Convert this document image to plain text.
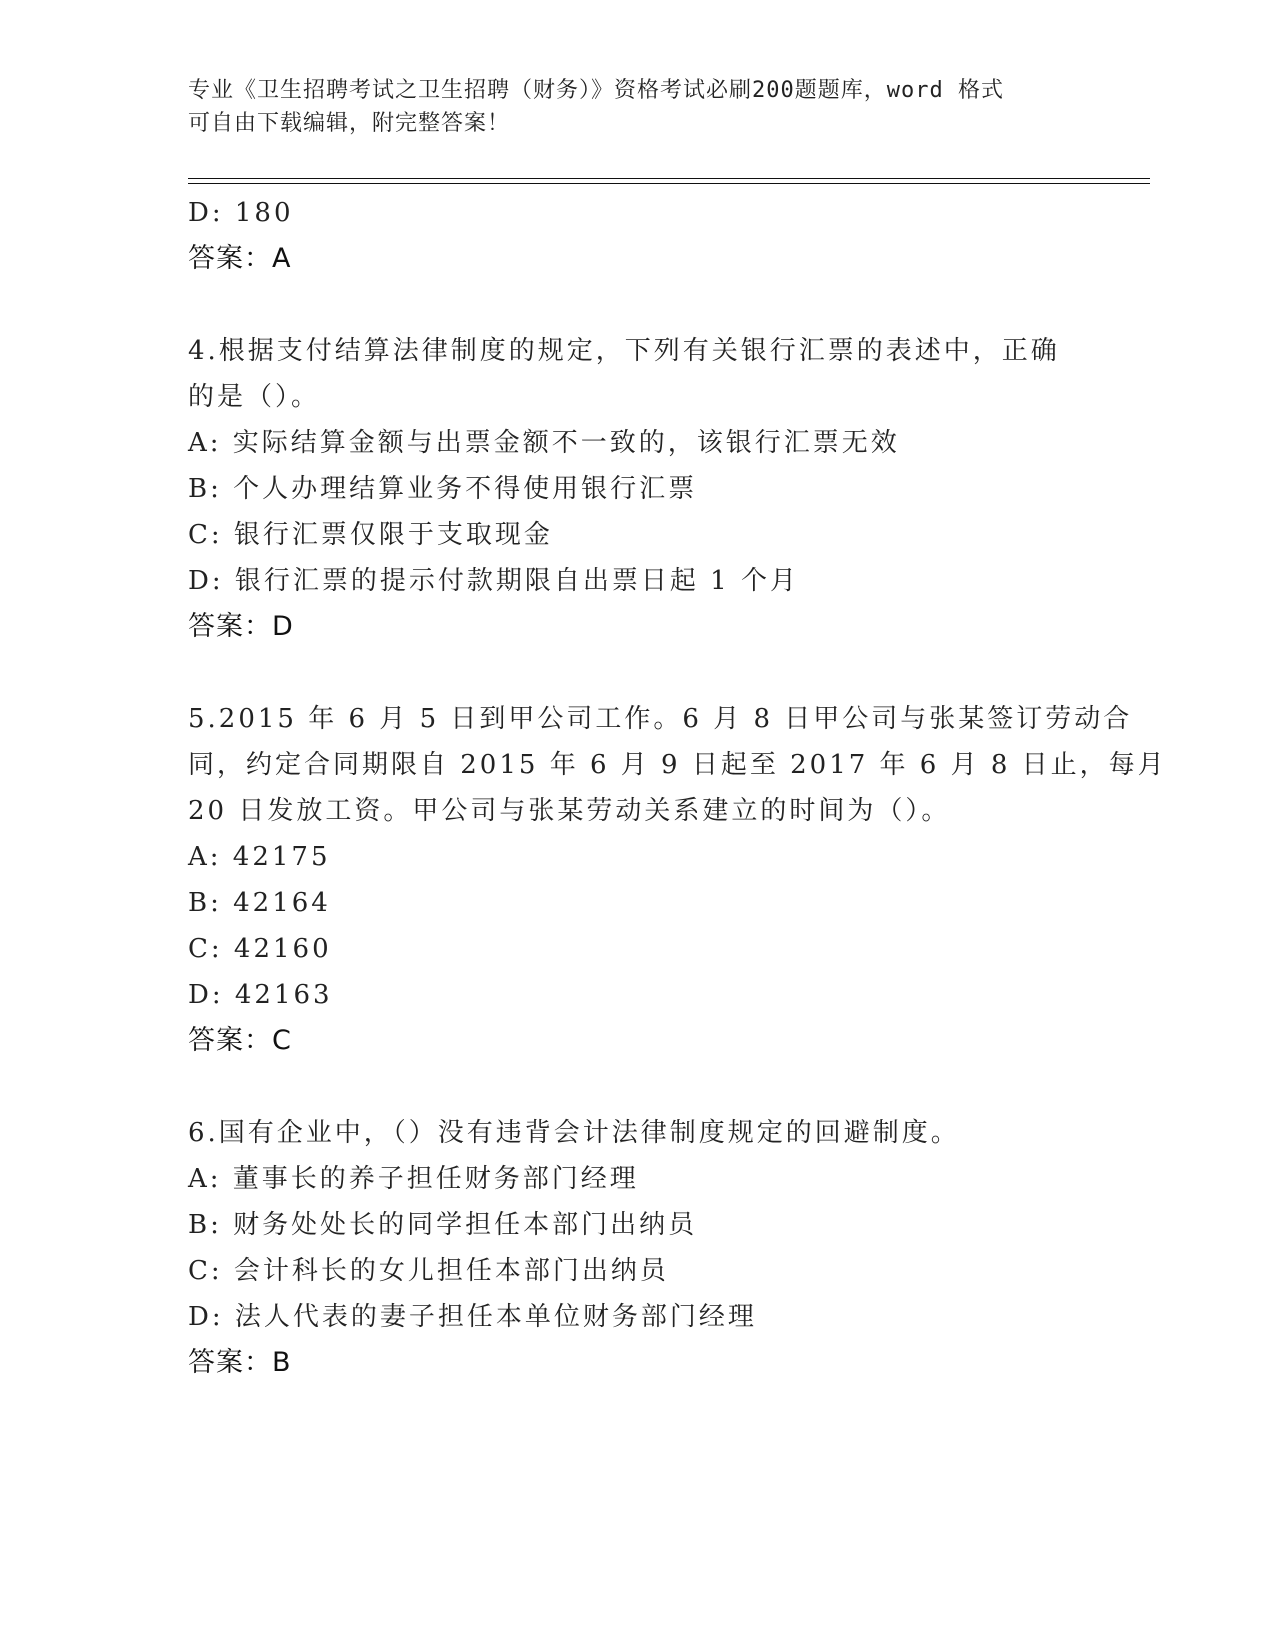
专业《卫生招聘考试之卫生招聘（财务）》资格考试必刷200题题库，word 格式
可自由下载编辑，附完整答案！
D: 180
答案：A
4.根据支付结算法律制度的规定，下列有关银行汇票的表述中，正确
的是（）。
A: 实际结算金额与出票金额不一致的，该银行汇票无效
B: 个人办理结算业务不得使用银行汇票
C: 银行汇票仅限于支取现金
D: 银行汇票的提示付款期限自出票日起 1 个月
答案：D
5.2015 年 6 月 5 日到甲公司工作。6 月 8 日甲公司与张某签订劳动合
同，约定合同期限自 2015 年 6 月 9 日起至 2017 年 6 月 8 日止，每月
20 日发放工资。甲公司与张某劳动关系建立的时间为（）。
A: 42175
B: 42164
C: 42160
D: 42163
答案：C
6.国有企业中，（）没有违背会计法律制度规定的回避制度。
A: 董事长的养子担任财务部门经理
B: 财务处处长的同学担任本部门出纳员
C: 会计科长的女儿担任本部门出纳员
D: 法人代表的妻子担任本单位财务部门经理
答案：B
